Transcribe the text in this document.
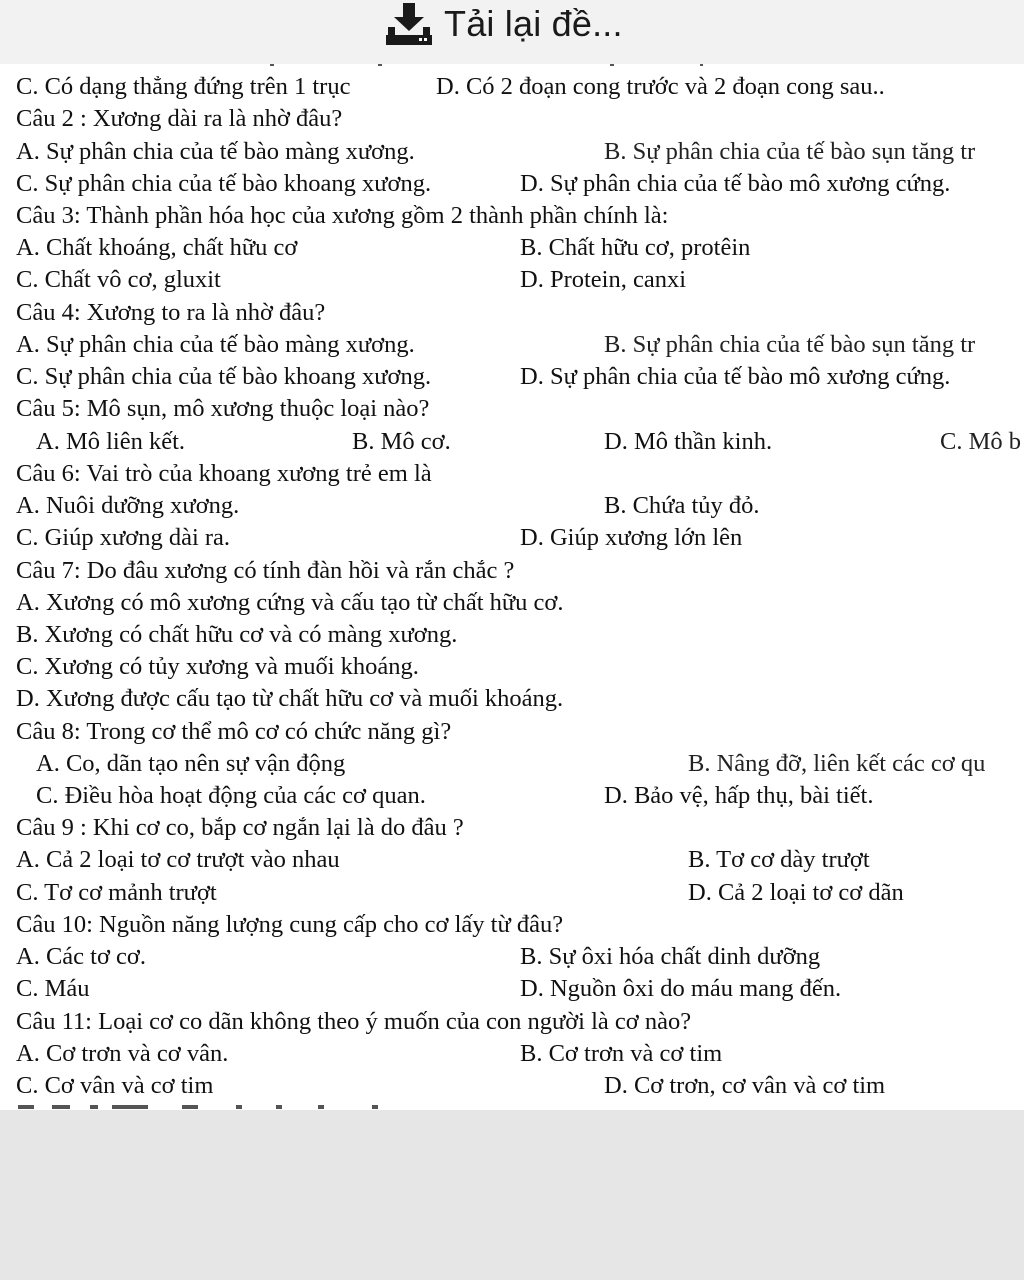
Tải lại đề...
C. Có dạng thẳng đứng trên 1 trục	D. Có 2 đoạn cong trước và 2 đoạn cong sau..
Câu 2 : Xương dài ra là nhờ đâu?
A. Sự phân chia của tế bào màng xương.	B. Sự phân chia của tế bào sụn tăng tr
C. Sự phân chia của tế bào khoang xương.	D. Sự phân chia của tế bào mô xương cứng.
Câu 3: Thành phần hóa học của xương gồm 2 thành phần chính là:
A. Chất khoáng, chất hữu cơ	B. Chất hữu cơ, protêin
C. Chất vô cơ, gluxit	D. Protein, canxi
Câu 4: Xương to ra là nhờ đâu?
A. Sự phân chia của tế bào màng xương.	B. Sự phân chia của tế bào sụn tăng tr
C. Sự phân chia của tế bào khoang xương.	D. Sự phân chia của tế bào mô xương cứng.
Câu 5: Mô sụn, mô xương thuộc loại nào?
A. Mô liên kết.	B. Mô cơ.	D. Mô thần kinh.	C. Mô b
Câu 6: Vai trò của khoang xương trẻ em là
A. Nuôi dưỡng xương.	B. Chứa tủy đỏ.
C. Giúp xương dài ra.	D. Giúp xương lớn lên
Câu 7: Do đâu xương có tính đàn hồi và rắn chắc ?
A. Xương có mô xương cứng và cấu tạo từ chất hữu cơ.
B. Xương có chất hữu cơ và có màng xương.
C. Xương có tủy xương và muối khoáng.
D. Xương được cấu tạo từ chất hữu cơ và muối khoáng.
Câu 8: Trong cơ thể mô cơ có chức năng gì?
A. Co, dãn tạo nên sự vận động	B. Nâng đỡ, liên kết các cơ qu
C. Điều hòa hoạt động của các cơ quan.	D. Bảo vệ, hấp thụ, bài tiết.
Câu 9 : Khi cơ co, bắp cơ ngắn lại là do đâu ?
A. Cả 2 loại tơ cơ trượt vào nhau	B. Tơ cơ dày trượt
C. Tơ cơ mảnh trượt	D. Cả 2 loại tơ cơ dãn
Câu 10: Nguồn năng lượng cung cấp cho cơ lấy từ đâu?
A. Các tơ cơ.	B. Sự ôxi hóa chất dinh dưỡng
C. Máu	D. Nguồn ôxi do máu mang đến.
Câu 11: Loại cơ co dãn không theo ý muốn của con người là cơ nào?
A. Cơ trơn và cơ vân.	B. Cơ trơn và cơ tim
C. Cơ vân và cơ tim	D. Cơ trơn, cơ vân và cơ tim
